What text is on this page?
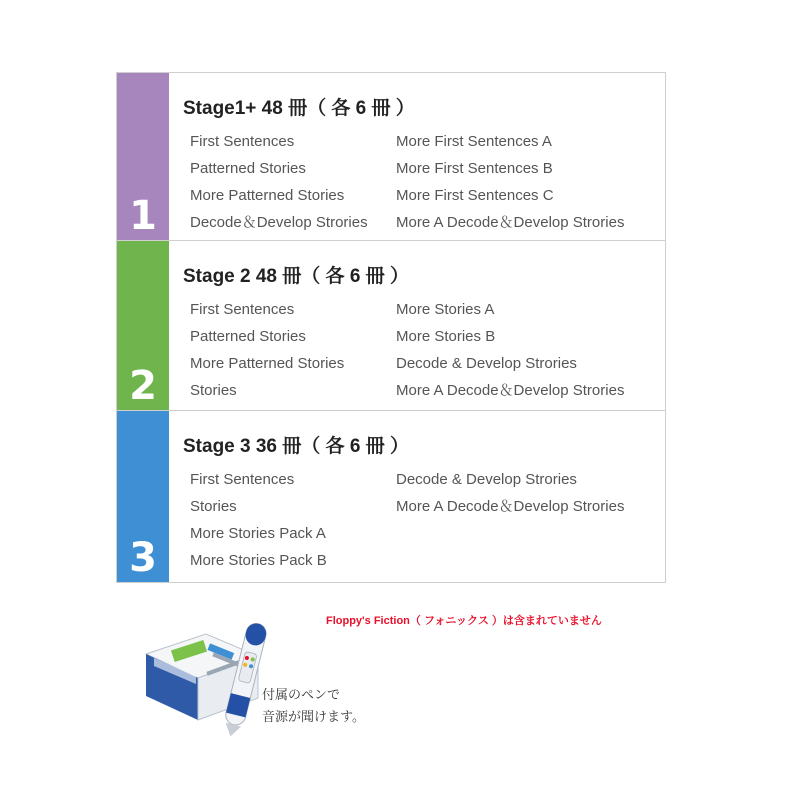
1
Stage1+ 48 冊（ 各 6 冊 ）
First Sentences
Patterned Stories
More Patterned Stories
Decode＆Develop Strories
More First Sentences A
More First Sentences B
More First Sentences C
More A Decode＆Develop Strories
2
Stage 2 48 冊（ 各 6 冊 ）
First Sentences
Patterned Stories
More Patterned Stories
Stories
More Stories A
More Stories B
Decode & Develop Strories
More A Decode＆Develop Strories
3
Stage 3 36 冊（ 各 6 冊 ）
First Sentences
Stories
More Stories Pack A
More Stories Pack B
Decode & Develop Strories
More A Decode＆Develop Strories
Floppy's Fiction（ フォニックス ）は含まれていません
付属のペンで
音源が聞けます。
